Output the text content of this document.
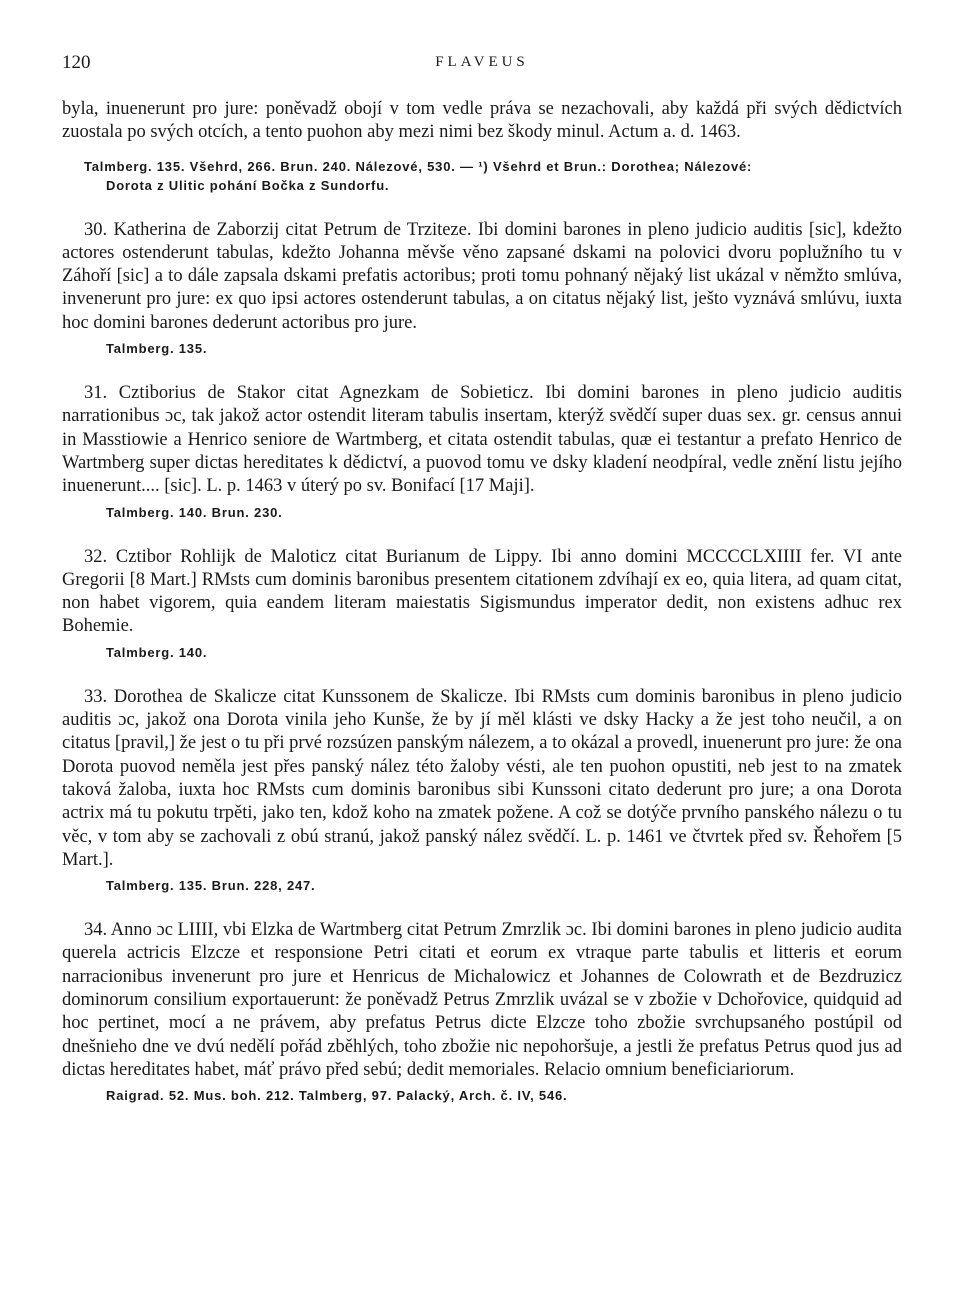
120	FLAVEUS

byla, inuenerunt pro jure: poněvadž obojí v tom vedle práva se nezachovali, aby každá při svých dědictvích zuostala po svých otcích, a tento puohon aby mezi nimi bez škody minul. Actum a. d. 1463.

Talmberg. 135. Všehrd, 266. Brun. 240. Nálezové, 530. — ¹) Všehrd et Brun.: Dorothea; Nálezové:

Dorota z Ulitic pohání Bočka z Sundorfu.

30. Katherina de Zaborzij citat Petrum de Trziteze. Ibi domini barones in pleno judicio auditis [sic], kdežto actores ostenderunt tabulas, kdežto Johanna měvše věno zapsané dskami na polovici dvoru poplužního tu v Záhoří [sic] a to dále zapsala dskami prefatis actoribus; proti tomu pohnaný nějaký list ukázal v němžto smlúva, invenerunt pro jure: ex quo ipsi actores ostenderunt tabulas, a on citatus nějaký list, ješto vyznává smlúvu, iuxta hoc domini barones dederunt actoribus pro jure.

Talmberg. 135.

31. Cztiborius de Stakor citat Agnezkam de Sobieticz. Ibi domini barones in pleno judicio auditis narrationibus ɔc, tak jakož actor ostendit literam tabulis insertam, kterýž svědčí super duas sex. gr. census annui in Masstiowie a Henrico seniore de Wartmberg, et citata ostendit tabulas, quæ ei testantur a prefato Henrico de Wartmberg super dictas hereditates k dědictví, a puovod tomu ve dsky kladení neodpíral, vedle znění listu jejího inuenerunt.... [sic]. L. p. 1463 v úterý po sv. Bonifací [17 Maji].

Talmberg. 140. Brun. 230.

32. Cztibor Rohlijk de Maloticz citat Burianum de Lippy. Ibi anno domini MCCCCLXIIII fer. VI ante Gregorii [8 Mart.] RMsts cum dominis baronibus presentem citationem zdvíhají ex eo, quia litera, ad quam citat, non habet vigorem, quia eandem literam maiestatis Sigismundus imperator dedit, non existens adhuc rex Bohemie.

Talmberg. 140.

33. Dorothea de Skalicze citat Kunssonem de Skalicze. Ibi RMsts cum dominis baronibus in pleno judicio auditis ɔc, jakož ona Dorota vinila jeho Kunše, že by jí měl klásti ve dsky Hacky a že jest toho neučil, a on citatus [pravil,] že jest o tu při prvé rozsúzen panským nálezem, a to okázal a provedl, inuenerunt pro jure: že ona Dorota puovod neměla jest přes panský nález této žaloby vésti, ale ten puohon opustiti, neb jest to na zmatek taková žaloba, iuxta hoc RMsts cum dominis baronibus sibi Kunssoni citato dederunt pro jure; a ona Dorota actrix má tu pokutu trpěti, jako ten, kdož koho na zmatek požene. A což se dotýče prvního panského nálezu o tu věc, v tom aby se zachovali z obú stranú, jakož panský nález svědčí. L. p. 1461 ve čtvrtek před sv. Řehořem [5 Mart.].

Talmberg. 135. Brun. 228, 247.

34. Anno ɔc LIIII, vbi Elzka de Wartmberg citat Petrum Zmrzlik ɔc. Ibi domini barones in pleno judicio audita querela actricis Elzcze et responsione Petri citati et eorum ex vtraque parte tabulis et litteris et eorum narracionibus invenerunt pro jure et Henricus de Michalowicz et Johannes de Colowrath et de Bezdruzicz dominorum consilium exportauerunt: že poněvadž Petrus Zmrzlik uvázal se v zbožie v Dchořovice, quidquid ad hoc pertinet, mocí a ne právem, aby prefatus Petrus dicte Elzcze toho zbožie svrchupsaného postúpil od dnešnieho dne ve dvú nedělí pořád zběhlých, toho zbožie nic nepohoršuje, a jestli že prefatus Petrus quod jus ad dictas hereditates habet, máť právo před sebú; dedit memoriales. Relacio omnium beneficiariorum.

Raigrad. 52. Mus. boh. 212. Talmberg, 97. Palacký, Arch. č. IV, 546.
